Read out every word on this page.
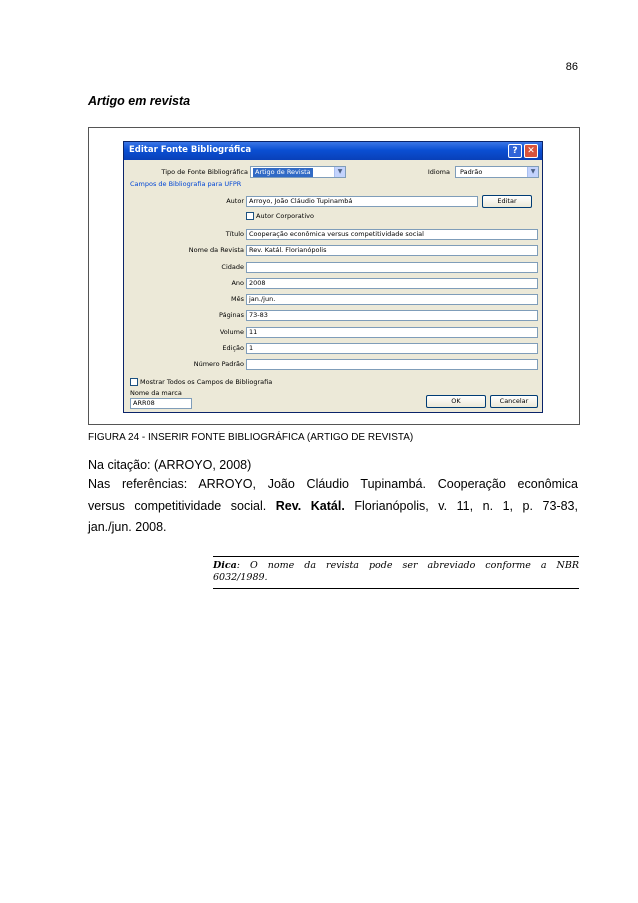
86
Artigo em revista
Editar Fonte Bibliográfica	?	✕
Tipo de Fonte Bibliográfica	Artigo de Revista	▼	Idioma	Padrão	▼
Campos de Bibliografia para UFPR
Autor Arroyo, João Cláudio Tupinambá	Editar
Autor Corporativo
Título Cooperação econômica versus competitividade social
Nome da Revista Rev. Katál. Florianópolis
Cidade
Ano 2008
Mês jan./jun.
Páginas 73-83
Volume 11
Edição 1
Número Padrão
Mostrar Todos os Campos de Bibliografia
Nome da marca
ARR08	OK	Cancelar
FIGURA 24 - INSERIR FONTE BIBLIOGRÁFICA (ARTIGO DE REVISTA)
Na citação: (ARROYO, 2008)
Nas referências: ARROYO, João Cláudio Tupinambá. Cooperação econômica
versus competitividade social. Rev. Katál. Florianópolis, v. 11, n. 1, p. 73-83,
jan./jun. 2008.
Dica: O nome da revista pode ser abreviado conforme a NBR
6032/1989.
